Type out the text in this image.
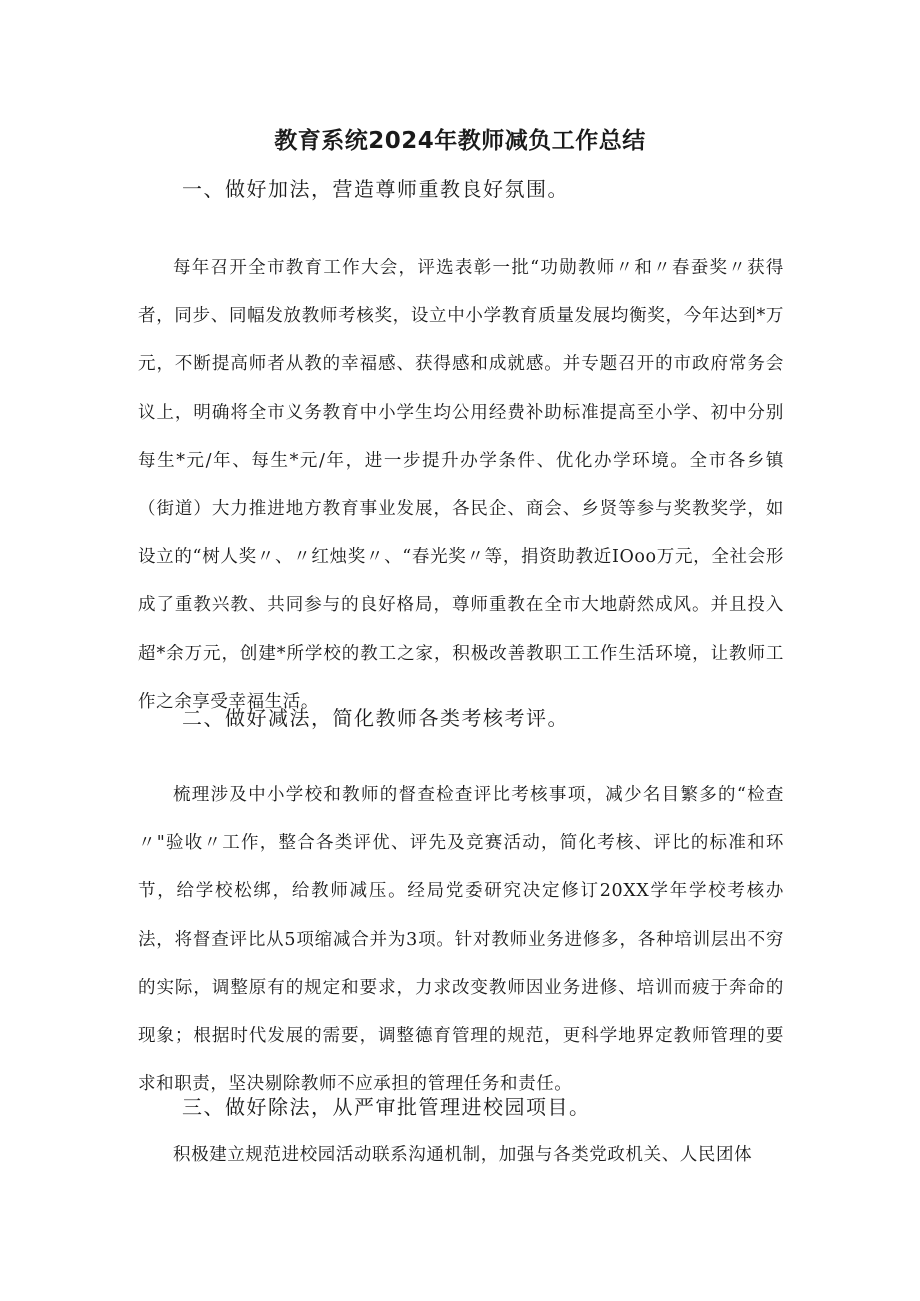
教育系统2024年教师减负工作总结
一、做好加法，营造尊师重教良好氛围。

每年召开全市教育工作大会，评选表彰一批“功勋教师〃和〃春蚕奖〃获得者，同步、同幅发放教师考核奖，设立中小学教育质量发展均衡奖，今年达到*万元，不断提高师者从教的幸福感、获得感和成就感。并专题召开的市政府常务会议上，明确将全市义务教育中小学生均公用经费补助标准提高至小学、初中分别每生*元/年、每生*元/年，进一步提升办学条件、优化办学环境。全市各乡镇（街道）大力推进地方教育事业发展，各民企、商会、乡贤等参与奖教奖学，如设立的“树人奖〃、〃红烛奖〃、“春光奖〃等，捐资助教近IOoo万元，全社会形成了重教兴教、共同参与的良好格局，尊师重教在全市大地蔚然成风。并且投入超*余万元，创建*所学校的教工之家，积极改善教职工工作生活环境，让教师工作之余享受幸福生活。

二、做好减法，简化教师各类考核考评。

梳理涉及中小学校和教师的督查检查评比考核事项，减少名目繁多的“检查〃"验收〃工作，整合各类评优、评先及竞赛活动，简化考核、评比的标准和环节，给学校松绑，给教师减压。经局党委研究决定修订20XX学年学校考核办法，将督查评比从5项缩减合并为3项。针对教师业务进修多，各种培训层出不穷的实际，调整原有的规定和要求，力求改变教师因业务进修、培训而疲于奔命的现象；根据时代发展的需要，调整德育管理的规范，更科学地界定教师管理的要求和职责，坚决剔除教师不应承担的管理任务和责任。

三、做好除法，从严审批管理进校园项目。

积极建立规范进校园活动联系沟通机制，加强与各类党政机关、人民团体
